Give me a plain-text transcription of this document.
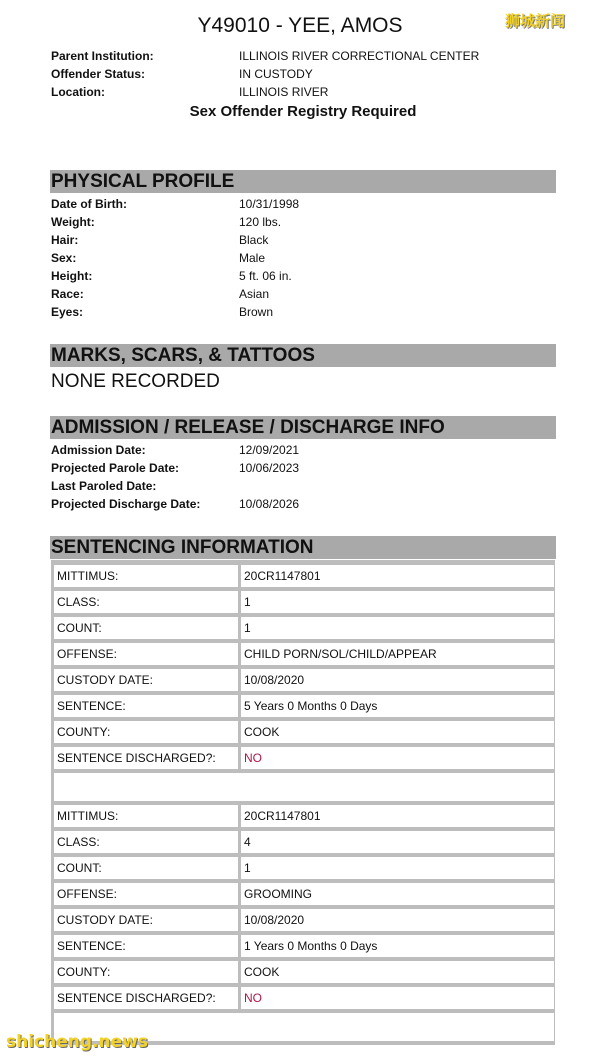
狮城新闻
Y49010 - YEE, AMOS
Parent Institution:	ILLINOIS RIVER CORRECTIONAL CENTER
Offender Status:	IN CUSTODY
Location:	ILLINOIS RIVER
Sex Offender Registry Required
PHYSICAL PROFILE
Date of Birth:	10/31/1998
Weight:	120 lbs.
Hair:	Black
Sex:	Male
Height:	5 ft. 06 in.
Race:	Asian
Eyes:	Brown
MARKS, SCARS, & TATTOOS
NONE RECORDED
ADMISSION / RELEASE / DISCHARGE INFO
Admission Date:	12/09/2021
Projected Parole Date:	10/06/2023
Last Paroled Date:
Projected Discharge Date:	10/08/2026
SENTENCING INFORMATION
MITTIMUS:	20CR1147801
CLASS:	1
COUNT:	1
OFFENSE:	CHILD PORN/SOL/CHILD/APPEAR
CUSTODY DATE:	10/08/2020
SENTENCE:	5 Years 0 Months 0 Days
COUNTY:	COOK
SENTENCE DISCHARGED?:	NO
MITTIMUS:	20CR1147801
CLASS:	4
COUNT:	1
OFFENSE:	GROOMING
CUSTODY DATE:	10/08/2020
SENTENCE:	1 Years 0 Months 0 Days
COUNTY:	COOK
SENTENCE DISCHARGED?:	NO
shicheng.news
